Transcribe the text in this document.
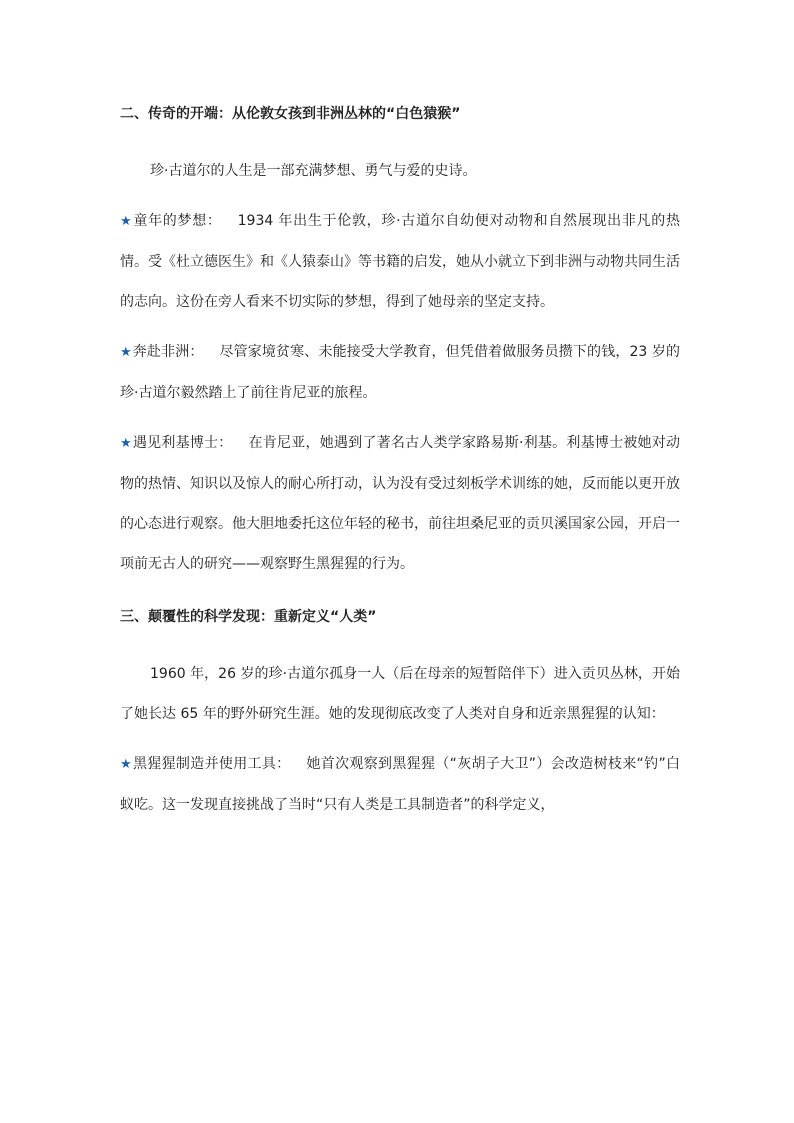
二、传奇的开端：从伦敦女孩到非洲丛林的“白色猿猴”

珍·古道尔的人生是一部充满梦想、勇气与爱的史诗。

★童年的梦想： 1934 年出生于伦敦，珍·古道尔自幼便对动物和自然展现出非凡的热情。受《杜立德医生》和《人猿泰山》等书籍的启发，她从小就立下到非洲与动物共同生活的志向。这份在旁人看来不切实际的梦想，得到了她母亲的坚定支持。

★奔赴非洲： 尽管家境贫寒、未能接受大学教育，但凭借着做服务员攒下的钱，23 岁的珍·古道尔毅然踏上了前往肯尼亚的旅程。

★遇见利基博士： 在肯尼亚，她遇到了著名古人类学家路易斯·利基。利基博士被她对动物的热情、知识以及惊人的耐心所打动，认为没有受过刻板学术训练的她，反而能以更开放的心态进行观察。他大胆地委托这位年轻的秘书，前往坦桑尼亚的贡贝溪国家公园，开启一项前无古人的研究——观察野生黑猩猩的行为。

三、颠覆性的科学发现：重新定义“人类”

1960 年，26 岁的珍·古道尔孤身一人（后在母亲的短暂陪伴下）进入贡贝丛林，开始了她长达 65 年的野外研究生涯。她的发现彻底改变了人类对自身和近亲黑猩猩的认知：

★黑猩猩制造并使用工具： 她首次观察到黑猩猩（“灰胡子大卫”）会改造树枝来“钓”白蚁吃。这一发现直接挑战了当时“只有人类是工具制造者”的科学定义，
